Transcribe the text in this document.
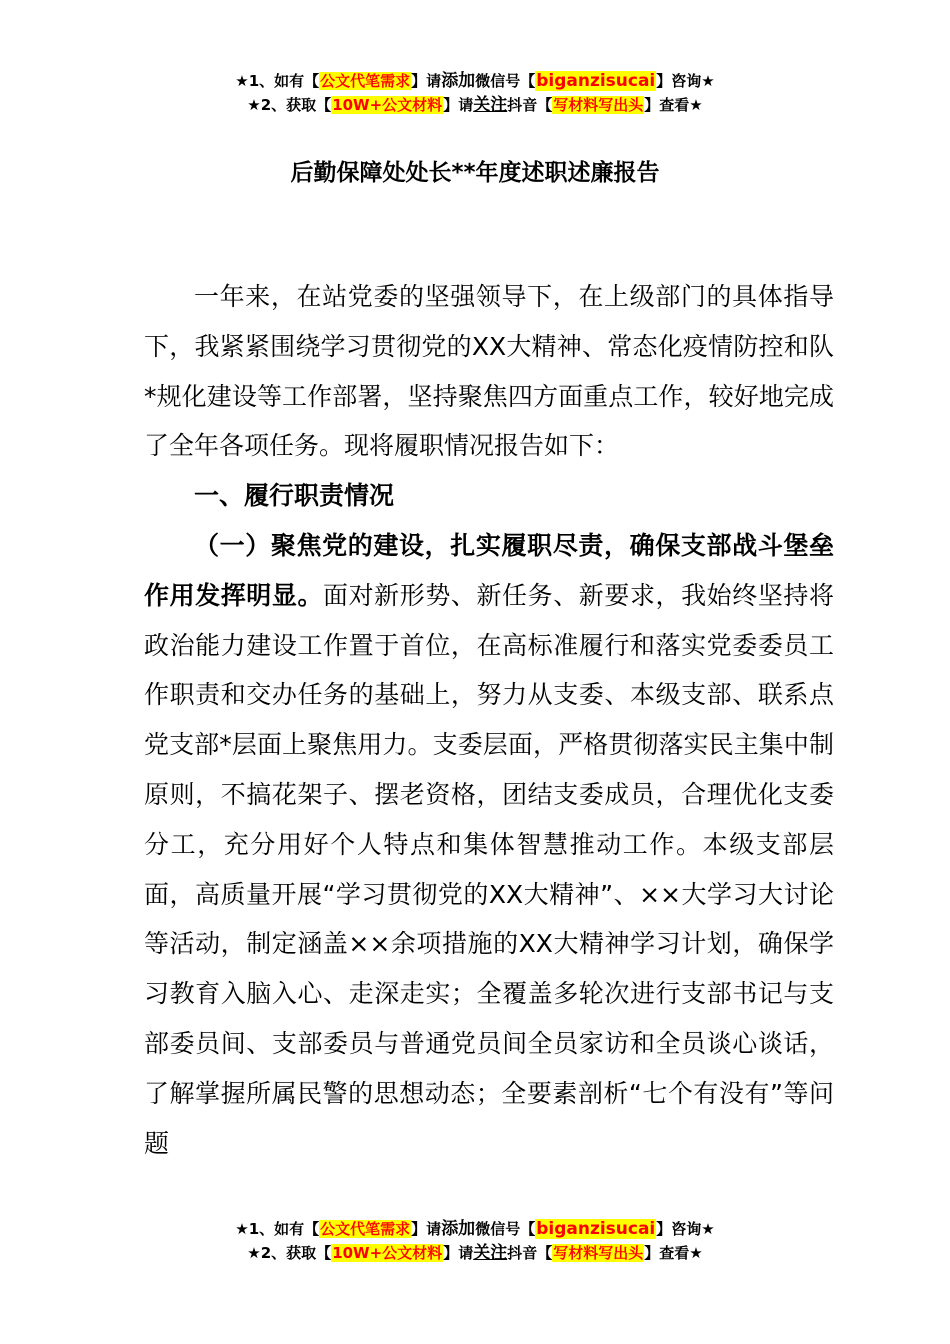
★1、如有【公文代笔需求】请添加微信号【biganzisucai】咨询★
★2、获取【10W+公文材料】请关注抖音【写材料写出头】查看★
后勤保障处处长**年度述职述廉报告

一年来，在站党委的坚强领导下，在上级部门的具体指导下，我紧紧围绕学习贯彻党的XX大精神、常态化疫情防控和队*规化建设等工作部署，坚持聚焦四方面重点工作，较好地完成了全年各项任务。现将履职情况报告如下：

一、履行职责情况

（一）聚焦党的建设，扎实履职尽责，确保支部战斗堡垒作用发挥明显。面对新形势、新任务、新要求，我始终坚持将政治能力建设工作置于首位，在高标准履行和落实党委委员工作职责和交办任务的基础上，努力从支委、本级支部、联系点党支部*层面上聚焦用力。支委层面，严格贯彻落实民主集中制原则，不搞花架子、摆老资格，团结支委成员，合理优化支委分工，充分用好个人特点和集体智慧推动工作。本级支部层面，高质量开展“学习贯彻党的XX大精神”、××大学习大讨论等活动，制定涵盖××余项措施的XX大精神学习计划，确保学习教育入脑入心、走深走实；全覆盖多轮次进行支部书记与支部委员间、支部委员与普通党员间全员家访和全员谈心谈话，了解掌握所属民警的思想动态；全要素剖析“七个有没有”等问题

★1、如有【公文代笔需求】请添加微信号【biganzisucai】咨询★
★2、获取【10W+公文材料】请关注抖音【写材料写出头】查看★
